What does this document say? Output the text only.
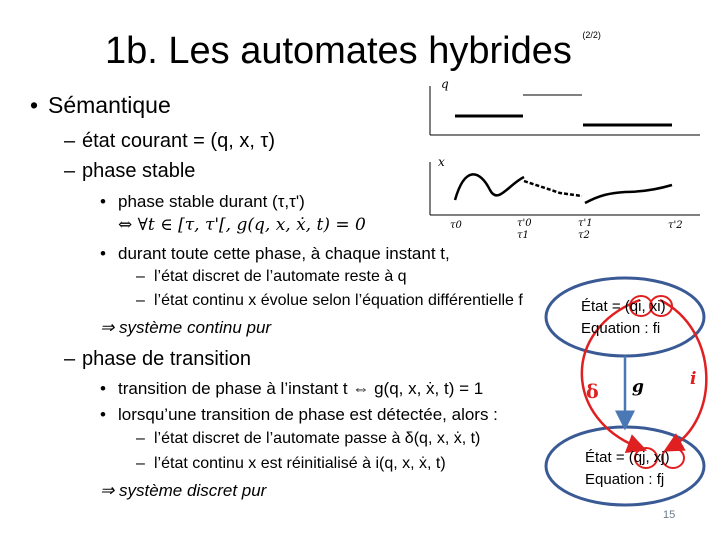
1b. Les automates hybrides $^{(2/2)}$
• Sémantique
– état courant = (q, x, τ)
– phase stable
• phase stable durant (τ,τ')
⇔ ∀t ∈ [τ, τ'[, g(q, x, ẋ, t) = 0
• durant toute cette phase, à chaque instant t,
– l’état discret de l’automate reste à q
– l’état continu x évolue selon l’équation différentielle f
⇒ système continu pur
– phase de transition
• transition de phase à l’instant t ⇔ g(q, x, ẋ, t) = 1
• lorsqu’une transition de phase est détectée, alors :
– l’état discret de l’automate passe à δ(q, x, ẋ, t)
– l’état continu x est réinitialisé à i(q, x, ẋ, t)
⇒ système discret pur
q
x
τ0	τ'0
τ1
τ'1
τ2
τ'2
g
δ
i
État = (qi, xi)
Equation : fi
État = (qj, xj)
Equation : fj
15
